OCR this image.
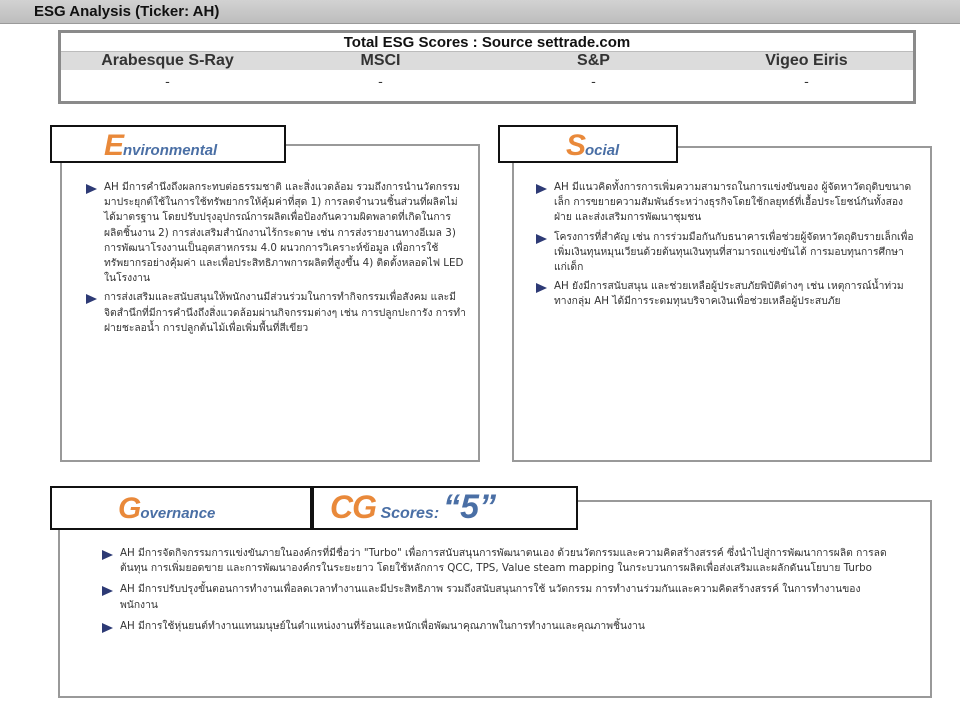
ESG Analysis (Ticker: AH)
Total ESG Scores : Source settrade.com
Arabesque S-Ray	MSCI	S&P	Vigeo Eiris
-	-	-	-
Environmental
AH มีการคำนึงถึงผลกระทบต่อธรรมชาติ และสิ่งแวดล้อม รวมถึงการนำนวัตกรรมมาประยุกต์ใช้ในการใช้ทรัพยากรให้คุ้มค่าที่สุด 1) การลดจำนวนชิ้นส่วนที่ผลิตไม่ได้มาตรฐาน โดยปรับปรุงอุปกรณ์การผลิตเพื่อป้องกันความผิดพลาดที่เกิดในการผลิตชิ้นงาน 2) การส่งเสริมสำนักงานไร้กระดาษ เช่น การส่งรายงานทางอีเมล 3) การพัฒนาโรงงานเป็นอุตสาหกรรม 4.0 ผนวกการวิเคราะห์ข้อมูล เพื่อการใช้ทรัพยากรอย่างคุ้มค่า และเพื่อประสิทธิภาพการผลิตที่สูงขึ้น 4) ติดตั้งหลอดไฟ LED ในโรงงาน
การส่งเสริมและสนับสนุนให้พนักงานมีส่วนร่วมในการทำกิจกรรมเพื่อสังคม และมีจิตสำนึกที่มีการคำนึงถึงสิ่งแวดล้อมผ่านกิจกรรมต่างๆ เช่น การปลูกปะการัง การทำฝายชะลอน้ำ การปลูกต้นไม้เพื่อเพิ่มพื้นที่สีเขียว
Social
AH มีแนวคิดทั้งการการเพิ่มความสามารถในการแข่งขันของ ผู้จัดหาวัตถุดิบขนาดเล็ก การขยายความสัมพันธ์ระหว่างธุรกิจโดยใช้กลยุทธ์ที่เอื้อประโยชน์กันทั้งสองฝ่าย และส่งเสริมการพัฒนาชุมชน
โครงการที่สำคัญ เช่น การร่วมมือกันกับธนาคารเพื่อช่วยผู้จัดหาวัตถุดิบรายเล็กเพื่อเพิ่มเงินทุนหมุนเวียนด้วยต้นทุนเงินทุนที่สามารถแข่งขันได้ การมอบทุนการศึกษาแก่เด็ก
AH ยังมีการสนับสนุน และช่วยเหลือผู้ประสบภัยพิบัติต่างๆ เช่น เหตุการณ์น้ำท่วม ทางกลุ่ม AH ได้มีการระดมทุนบริจาคเงินเพื่อช่วยเหลือผู้ประสบภัย
Governance	CG Scores: “5”
AH มีการจัดกิจกรรมการแข่งขันภายในองค์กรที่มีชื่อว่า "Turbo" เพื่อการสนับสนุนการพัฒนาตนเอง ด้วยนวัตกรรมและความคิดสร้างสรรค์ ซึ่งนำไปสู่การพัฒนาการผลิต การลดต้นทุน การเพิ่มยอดขาย และการพัฒนาองค์กรในระยะยาว โดยใช้หลักการ QCC, TPS, Value steam mapping ในกระบวนการผลิตเพื่อส่งเสริมและผลักดันนโยบาย Turbo
AH มีการปรับปรุงขั้นตอนการทำงานเพื่อลดเวลาทำงานและมีประสิทธิภาพ รวมถึงสนับสนุนการใช้ นวัตกรรม การทำงานร่วมกันและความคิดสร้างสรรค์ ในการทำงานของพนักงาน
AH มีการใช้หุ่นยนต์ทำงานแทนมนุษย์ในตำแหน่งงานที่ร้อนและหนักเพื่อพัฒนาคุณภาพในการทำงานและคุณภาพชิ้นงาน
